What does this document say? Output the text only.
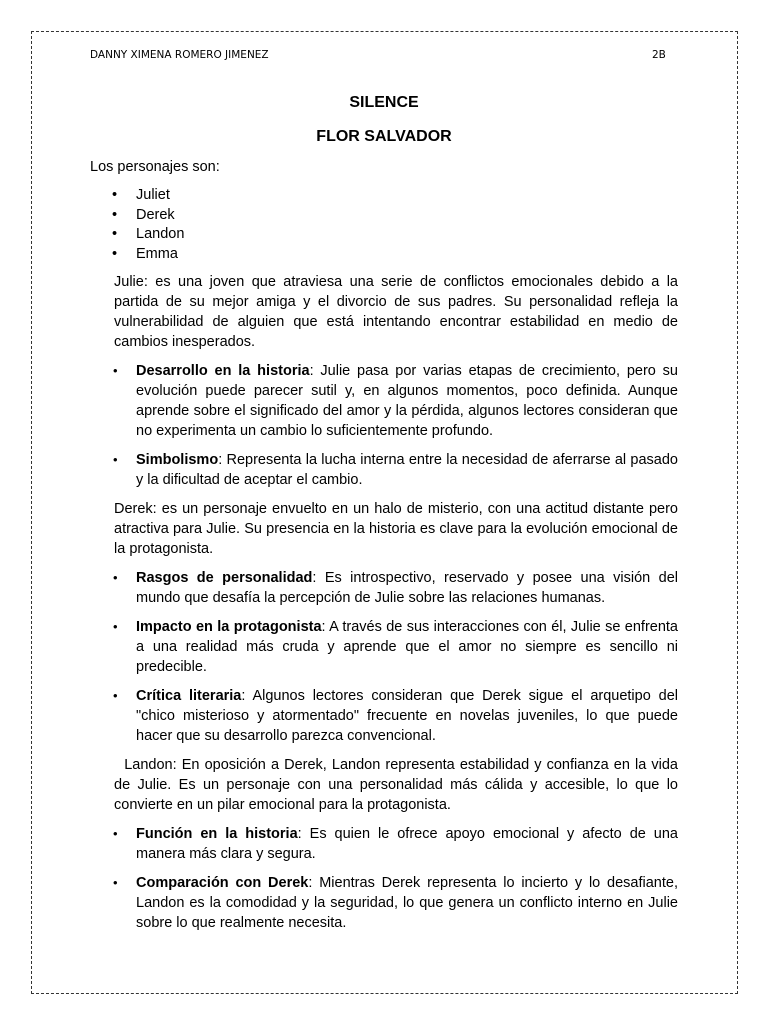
DANNY XIMENA ROMERO JIMENEZ	2B
SILENCE
FLOR SALVADOR

Los personajes son:

• Juliet
• Derek
• Landon
• Emma

Julie: es una joven que atraviesa una serie de conflictos emocionales debido a la partida de su mejor amiga y el divorcio de sus padres. Su personalidad refleja la vulnerabilidad de alguien que está intentando encontrar estabilidad en medio de cambios inesperados.

• Desarrollo en la historia: Julie pasa por varias etapas de crecimiento, pero su evolución puede parecer sutil y, en algunos momentos, poco definida. Aunque aprende sobre el significado del amor y la pérdida, algunos lectores consideran que no experimenta un cambio lo suficientemente profundo.
• Simbolismo: Representa la lucha interna entre la necesidad de aferrarse al pasado y la dificultad de aceptar el cambio.

Derek: es un personaje envuelto en un halo de misterio, con una actitud distante pero atractiva para Julie. Su presencia en la historia es clave para la evolución emocional de la protagonista.

• Rasgos de personalidad: Es introspectivo, reservado y posee una visión del mundo que desafía la percepción de Julie sobre las relaciones humanas.
• Impacto en la protagonista: A través de sus interacciones con él, Julie se enfrenta a una realidad más cruda y aprende que el amor no siempre es sencillo ni predecible.
• Crítica literaria: Algunos lectores consideran que Derek sigue el arquetipo del "chico misterioso y atormentado" frecuente en novelas juveniles, lo que puede hacer que su desarrollo parezca convencional.

Landon: En oposición a Derek, Landon representa estabilidad y confianza en la vida de Julie. Es un personaje con una personalidad más cálida y accesible, lo que lo convierte en un pilar emocional para la protagonista.

• Función en la historia: Es quien le ofrece apoyo emocional y afecto de una manera más clara y segura.
• Comparación con Derek: Mientras Derek representa lo incierto y lo desafiante, Landon es la comodidad y la seguridad, lo que genera un conflicto interno en Julie sobre lo que realmente necesita.
